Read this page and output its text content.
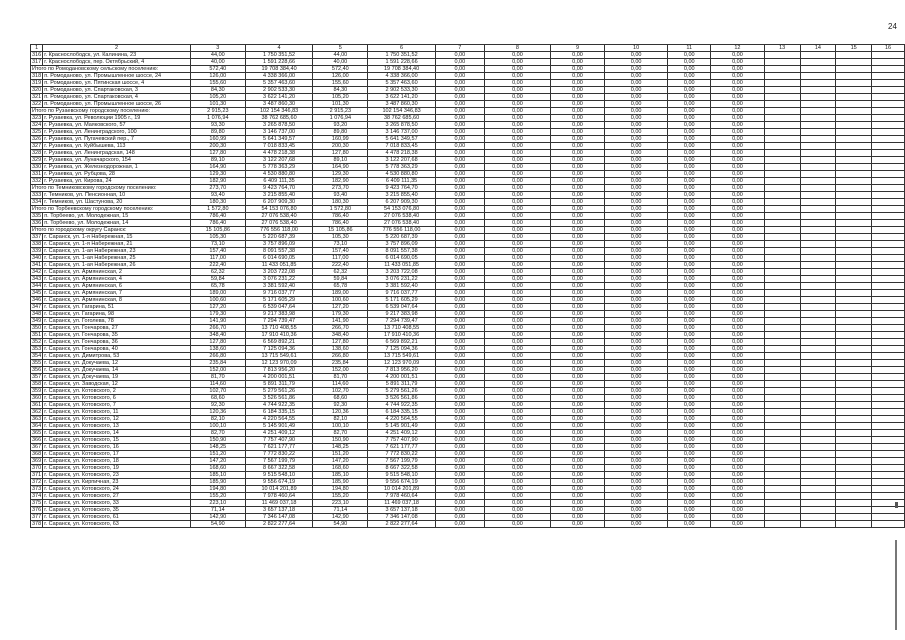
24
1	2	3	4	5	6	7	8	9	10	11	12	13	14	15	16
316	г. Краснослободск, ул. Калинина, 23	44,00	1 750 351,52	44,00	1 750 351,52	0,00	0,00	0,00	0,00	0,00	0,00				
317	г. Краснослободск, пер. Октябрьский, 4	40,00	1 591 228,66	40,00	1 591 228,66	0,00	0,00	0,00	0,00	0,00	0,00				
Итого по Ромодановскому сельскому поселению:		572,40	19 708 384,40	572,40	19 708 384,40	0,00	0,00	0,00	0,00	0,00	0,00				
318	п. Ромоданово, ул. Промышленное шоссе, 24	126,00	4 338 366,00	126,00	4 338 366,00	0,00	0,00	0,00	0,00	0,00	0,00				
319	п. Ромоданово, ул. Пятинская шоссе, 4	155,60	5 357 463,60	155,60	5 357 463,60	0,00	0,00	0,00	0,00	0,00	0,00				
320	п. Ромоданово, ул. Спартаковская, 3	84,30	2 902 533,30	84,30	2 902 533,30	0,00	0,00	0,00	0,00	0,00	0,00				
321	п. Ромоданово, ул. Спартаковская, 4	105,20	3 622 141,20	105,20	3 622 141,20	0,00	0,00	0,00	0,00	0,00	0,00				
322	п. Ромоданово, ул. Промышленное шоссе, 26	101,30	3 487 860,30	101,30	3 487 860,30	0,00	0,00	0,00	0,00	0,00	0,00				
Итого по Рузаевскому городскому поселению:		2 915,23	102 154 346,83	2 915,23	102 154 346,83	0,00	0,00	0,00	0,00	0,00	0,00				
323	г. Рузаевка, ул. Революции 1905 г., 19	1 076,94	38 762 685,60	1 076,94	38 762 685,60	0,00	0,00	0,00	0,00	0,00	0,00				
324	г. Рузаевка, ул. Маяковского, 57	93,30	3 265 878,50	93,20	3 265 878,50	0,00	0,00	0,00	0,00	0,00	0,00				
325	г. Рузаевка, ул. Ленинградского, 100	89,80	3 146 737,00	89,80	3 146 737,00	0,00	0,00	0,00	0,00	0,00	0,00				
326	г. Рузаевка, ул. Пугачевский пер., 7	160,99	5 641 349,57	160,99	5 641 349,57	0,00	0,00	0,00	0,00	0,00	0,00				
327	г. Рузаевка, ул. Куйбышева, 113	200,30	7 018 833,45	200,30	7 018 833,45	0,00	0,00	0,00	0,00	0,00	0,00				
328	г. Рузаевка, ул. Ленинградская, 148	127,80	4 478 218,38	127,80	4 478 218,38	0,00	0,00	0,00	0,00	0,00	0,00				
329	г. Рузаевка, ул. Луначарского, 154	89,10	3 122 207,68	89,10	3 122 207,68	0,00	0,00	0,00	0,00	0,00	0,00				
330	г. Рузаевка, ул. Железнодорожная, 1	164,90	5 778 363,29	164,90	5 778 363,29	0,00	0,00	0,00	0,00	0,00	0,00				
331	г. Рузаевка, ул. Рубцова, 28	129,30	4 530 880,80	129,30	4 530 880,80	0,00	0,00	0,00	0,00	0,00	0,00				
332	г. Рузаевка, ул. Кирова, 24	182,90	6 409 111,35	182,90	6 409 111,35	0,00	0,00	0,00	0,00	0,00	0,00				
Итого по Темниковскому городскому поселению:		273,70	9 423 764,70	273,70	9 423 764,70	0,00	0,00	0,00	0,00	0,00	0,00				
333	г. Темников, ул. Пенсионная, 10	93,40	3 215 855,40	93,40	3 215 855,40	0,00	0,00	0,00	0,00	0,00	0,00				
334	г. Темников, ул. Шастунова, 20	180,30	6 207 909,30	180,30	6 207 909,30	0,00	0,00	0,00	0,00	0,00	0,00				
Итого по Торбеевскому городскому поселению:		1 572,80	54 153 076,80	1 572,80	54 153 076,80	0,00	0,00	0,00	0,00	0,00	0,00				
335	п. Торбеево, ул. Молодежная, 15	786,40	27 076 538,40	786,40	27 076 538,40	0,00	0,00	0,00	0,00	0,00	0,00				
336	п. Торбеево, ул. Молодежная, 14	786,40	27 076 538,40	786,40	27 076 538,40	0,00	0,00	0,00	0,00	0,00	0,00				
Итого по городскому округу Саранск:		15 105,86	776 556 118,00	15 105,86	776 556 118,00	0,00	0,00	0,00	0,00	0,00	0,00				
337	г. Саранск, ул. 1-я Набережная, 15	105,30	5 220 687,39	105,30	5 220 687,39	0,00	0,00	0,00	0,00	0,00	0,00				
338	г. Саранск, ул. 1-я Набережная, 21	73,10	3 757 896,09	73,10	3 757 896,09	0,00	0,00	0,00	0,00	0,00	0,00				
339	г. Саранск, ул. 1-ая Набережная, 23	157,40	8 091 557,38	157,40	8 091 557,38	0,00	0,00	0,00	0,00	0,00	0,00				
340	г. Саранск, ул. 1-ая Набережная, 25	117,00	6 014 690,05	117,00	6 014 690,05	0,00	0,00	0,00	0,00	0,00	0,00				
341	г. Саранск, ул. 1-ая Набережная, 26	222,40	11 433 051,85	222,40	11 433 051,85	0,00	0,00	0,00	0,00	0,00	0,00				
342	г. Саранск, ул. Армянинская, 2	62,32	3 203 722,08	62,32	3 203 722,08	0,00	0,00	0,00	0,00	0,00	0,00				
343	г. Саранск, ул. Армянинская, 4	59,84	3 076 231,22	59,84	3 076 231,22	0,00	0,00	0,00	0,00	0,00	0,00				
344	г. Саранск, ул. Армянинская, 6	65,78	3 381 592,40	65,78	3 381 592,40	0,00	0,00	0,00	0,00	0,00	0,00				
345	г. Саранск, ул. Армянинская, 7	189,00	9 716 037,77	189,00	9 716 037,77	0,00	0,00	0,00	0,00	0,00	0,00				
346	г. Саранск, ул. Армянинская, 8	100,60	5 171 605,29	100,60	5 171 605,29	0,00	0,00	0,00	0,00	0,00	0,00				
347	г. Саранск, ул. Гагарина, 51	127,20	6 539 047,64	127,20	6 539 047,64	0,00	0,00	0,00	0,00	0,00	0,00				
348	г. Саранск, ул. Гагарина, 98	179,30	9 217 383,98	179,30	9 217 383,98	0,00	0,00	0,00	0,00	0,00	0,00				
349	г. Саранск, ул. Гоголева, 78	141,90	7 294 739,47	141,90	7 294 739,47	0,00	0,00	0,00	0,00	0,00	0,00				
350	г. Саранск, ул. Гончарова, 27	266,70	13 710 408,55	266,70	13 710 408,55	0,00	0,00	0,00	0,00	0,00	0,00				
351	г. Саранск, ул. Гончарова, 35	348,40	17 910 410,36	348,40	17 910 410,36	0,00	0,00	0,00	0,00	0,00	0,00				
352	г. Саранск, ул. Гончарова, 36	127,80	6 569 892,21	127,80	6 569 892,21	0,00	0,00	0,00	0,00	0,00	0,00				
353	г. Саранск, ул. Гончарова, 40	138,60	7 125 094,36	138,60	7 125 094,36	0,00	0,00	0,00	0,00	0,00	0,00				
354	г. Саранск, ул. Димитрова, 53	266,80	13 715 549,61	266,80	13 715 549,61	0,00	0,00	0,00	0,00	0,00	0,00				
355	г. Саранск, ул. Докучаева, 12	235,84	12 123 970,09	235,84	12 123 970,09	0,00	0,00	0,00	0,00	0,00	0,00				
356	г. Саранск, ул. Докучаева, 14	152,00	7 813 956,20	152,00	7 813 956,20	0,00	0,00	0,00	0,00	0,00	0,00				
357	г. Саранск, ул. Докучаева, 19	81,70	4 200 001,51	81,70	4 200 001,51	0,00	0,00	0,00	0,00	0,00	0,00				
358	г. Саранск, ул. Заводская, 12	114,60	5 891 311,79	114,60	5 891 311,79	0,00	0,00	0,00	0,00	0,00	0,00				
359	г. Саранск, ул. Котовского, 2	102,70	5 279 561,26	102,70	5 279 561,26	0,00	0,00	0,00	0,00	0,00	0,00				
360	г. Саранск, ул. Котовского, 6	68,60	3 526 561,86	68,60	3 526 561,86	0,00	0,00	0,00	0,00	0,00	0,00				
361	г. Саранск, ул. Котовского, 7	92,30	4 744 922,35	92,30	4 744 922,35	0,00	0,00	0,00	0,00	0,00	0,00				
362	г. Саранск, ул. Котовского, 11	120,36	6 184 335,15	120,36	6 184 335,15	0,00	0,00	0,00	0,00	0,00	0,00				
363	г. Саранск, ул. Котовского, 12	82,10	4 220 564,55	82,10	4 220 564,55	0,00	0,00	0,00	0,00	0,00	0,00				
364	г. Саранск, ул. Котовского, 13	100,10	5 145 901,49	100,10	5 145 901,49	0,00	0,00	0,00	0,00	0,00	0,00				
365	г. Саранск, ул. Котовского, 14	82,70	4 251 409,12	82,70	4 251 409,12	0,00	0,00	0,00	0,00	0,00	0,00				
366	г. Саранск, ул. Котовского, 15	150,90	7 757 407,90	150,90	7 757 407,90	0,00	0,00	0,00	0,00	0,00	0,00				
367	г. Саранск, ул. Котовского, 16	148,25	7 621 177,77	148,25	7 621 177,77	0,00	0,00	0,00	0,00	0,00	0,00				
368	г. Саранск, ул. Котовского, 17	151,20	7 772 830,22	151,20	7 772 830,22	0,00	0,00	0,00	0,00	0,00	0,00				
369	г. Саранск, ул. Котовского, 18	147,20	7 567 199,79	147,20	7 567 199,79	0,00	0,00	0,00	0,00	0,00	0,00				
370	г. Саранск, ул. Котовского, 19	168,60	8 667 322,58	168,60	8 667 322,58	0,00	0,00	0,00	0,00	0,00	0,00				
371	г. Саранск, ул. Котовского, 23	185,10	9 515 548,10	185,10	9 515 548,10	0,00	0,00	0,00	0,00	0,00	0,00				
372	г. Саранск, ул. Кирпичная, 23	185,90	9 556 674,19	185,90	9 556 674,19	0,00	0,00	0,00	0,00	0,00	0,00				
373	г. Саранск, ул. Котовского, 24	194,80	10 014 201,89	194,80	10 014 201,89	0,00	0,00	0,00	0,00	0,00	0,00				
374	г. Саранск, ул. Котовского, 27	155,20	7 978 460,64	155,20	7 978 460,64	0,00	0,00	0,00	0,00	0,00	0,00				
375	г. Саранск, ул. Котовского, 33	223,10	11 469 037,18	223,10	11 469 037,18	0,00	0,00	0,00	0,00	0,00	0,00				
376	г. Саранск, ул. Котовского, 35	71,14	3 657 137,18	71,14	3 657 137,18	0,00	0,00	0,00	0,00	0,00	0,00				
377	г. Саранск, ул. Котовского, 61	142,90	7 346 147,08	142,90	7 346 147,08	0,00	0,00	0,00	0,00	0,00	0,00				
378	г. Саранск, ул. Котовского, 63	54,90	2 822 277,64	54,90	2 822 277,64	0,00	0,00	0,00	0,00	0,00	0,00				
